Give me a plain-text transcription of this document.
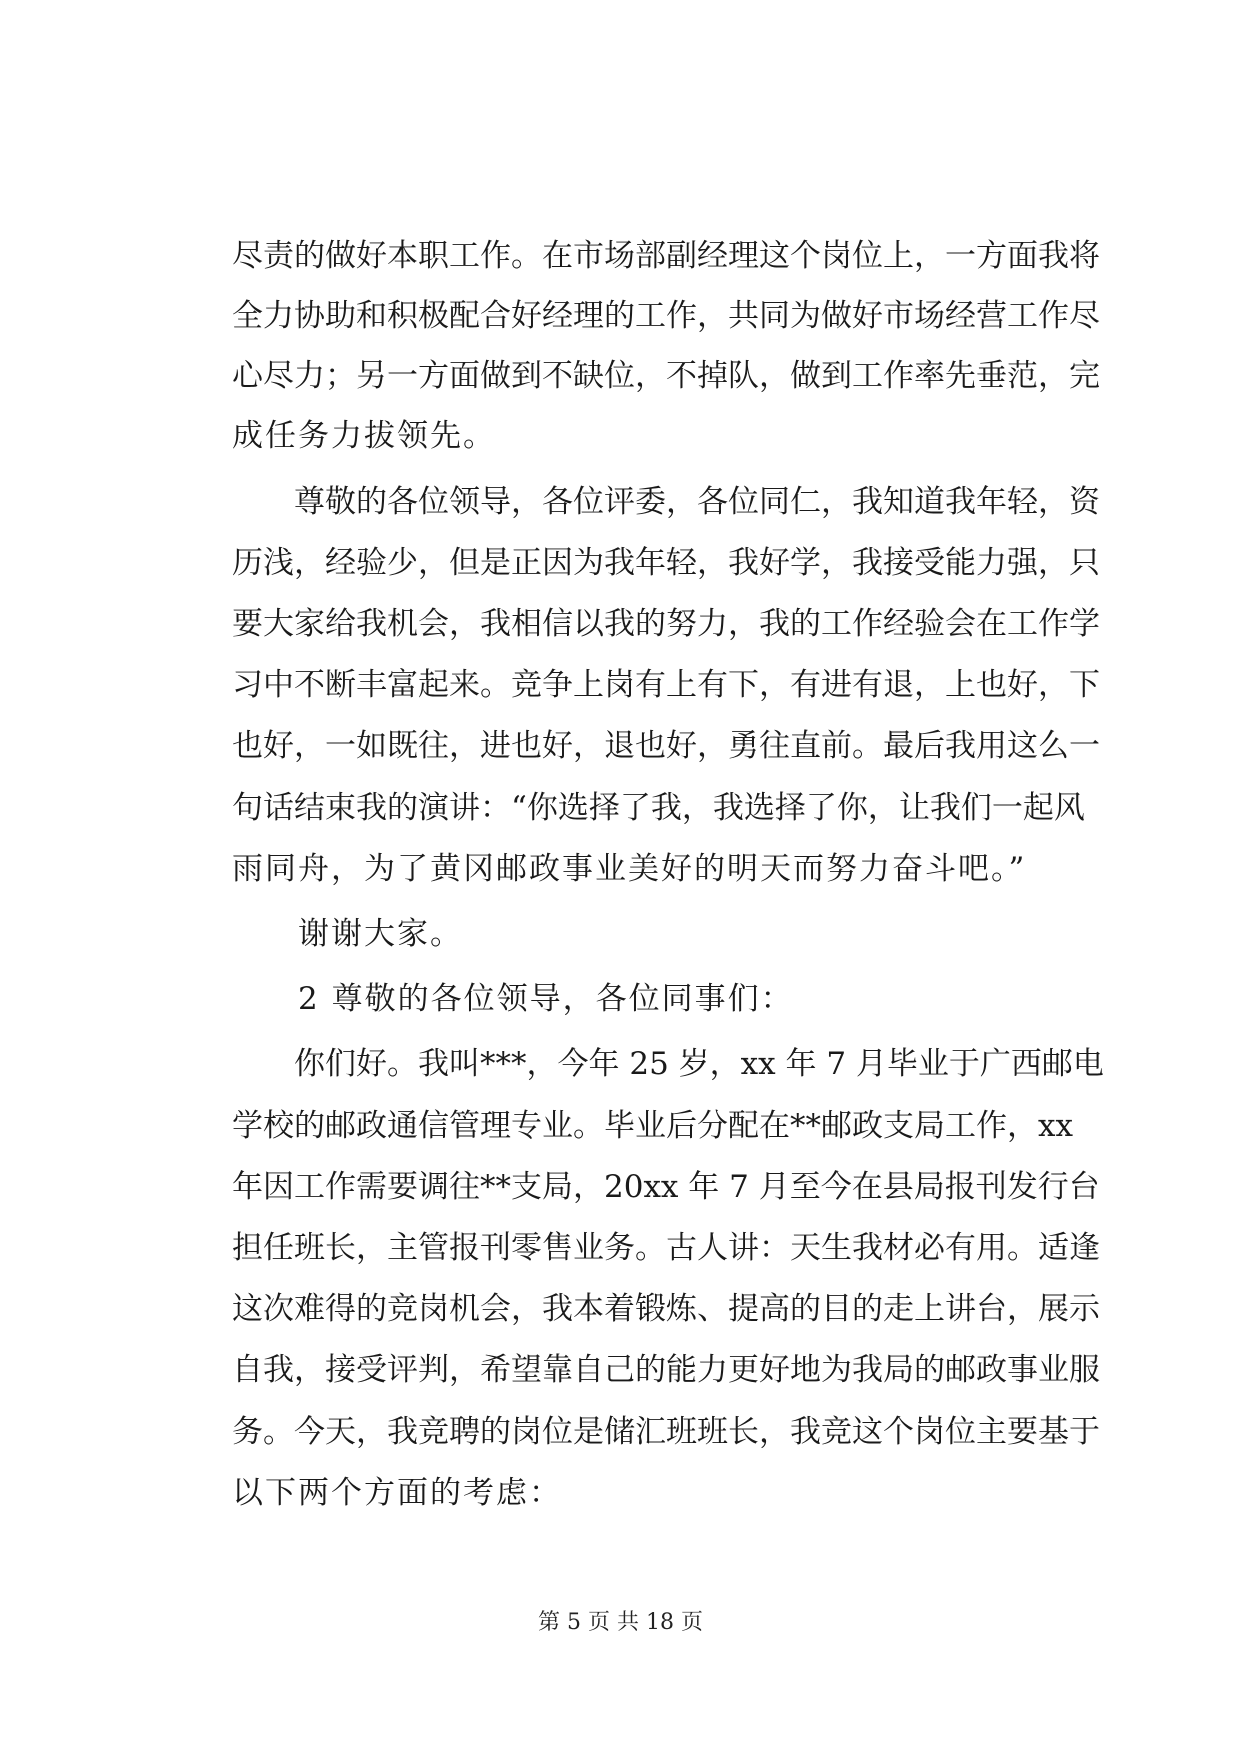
尽责的做好本职工作。在市场部副经理这个岗位上，一方面我将
全力协助和积极配合好经理的工作，共同为做好市场经营工作尽
心尽力；另一方面做到不缺位，不掉队，做到工作率先垂范，完
成任务力拔领先。
　　尊敬的各位领导，各位评委，各位同仁，我知道我年轻，资
历浅，经验少，但是正因为我年轻，我好学，我接受能力强，只
要大家给我机会，我相信以我的努力，我的工作经验会在工作学
习中不断丰富起来。竞争上岗有上有下，有进有退，上也好，下
也好，一如既往，进也好，退也好，勇往直前。最后我用这么一
句话结束我的演讲：“你选择了我，我选择了你，让我们一起风
雨同舟，为了黄冈邮政事业美好的明天而努力奋斗吧。”
　　谢谢大家。
　　2 尊敬的各位领导，各位同事们：
　　你们好。我叫***，今年 25 岁，xx 年 7 月毕业于广西邮电
学校的邮政通信管理专业。毕业后分配在**邮政支局工作，xx
年因工作需要调往**支局，20xx 年 7 月至今在县局报刊发行台
担任班长，主管报刊零售业务。古人讲：天生我材必有用。适逢
这次难得的竞岗机会，我本着锻炼、提高的目的走上讲台，展示
自我，接受评判，希望靠自己的能力更好地为我局的邮政事业服
务。今天，我竞聘的岗位是储汇班班长，我竞这个岗位主要基于
以下两个方面的考虑：
第 5 页 共 18 页
